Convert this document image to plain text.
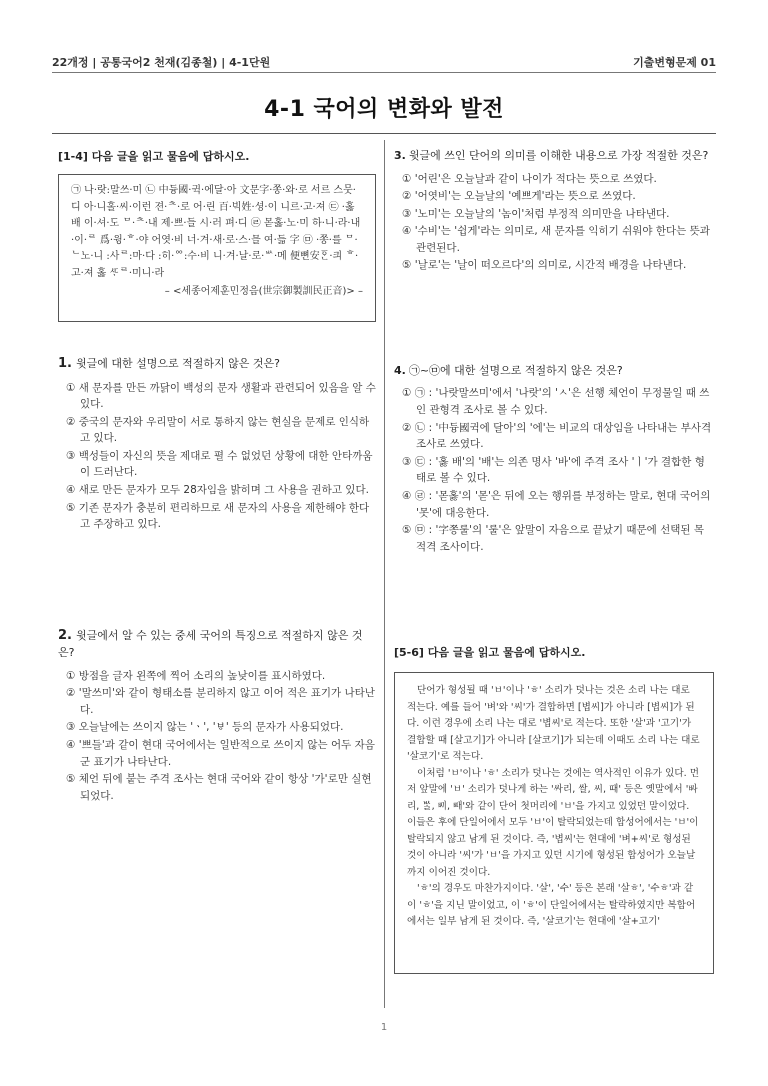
22개정 | 공통국어2 천재(김종철) | 4-1단원	기출변형문제 01
4-1 국어의 변화와 발전
[1-4] 다음 글을 읽고 물음에 답하시오.
㉠ 나·랏:말쓰·미 ㉡ 中듕國·귁·에달·아 文문字·쫑·와·로 서르 스뭇·디 아·니홀·씨·이런 젼·ᄎ·로 어·린 百·빅姓·셩·이 니르·고·져 ㉢ ·홇 배 이·셔·도 ᄆ·ᄎ·내 제·쁘·들 시·러 펴·디 ㉣ 몯홇·노·미 하·니·라·내·이·ᄅ 爲·윙·ᄒ·야 어엿·비 너·겨·새·로·스·믈 여·듧 字 ㉤ ·쫑·를 ᄆ·ᄂ노·니 :사ᄅ:마·다 :히·ᅇ:수·비 니·겨·날·로·ᄡ·메 便뼌安ᅙᆞᆫ·킈 ᄒ·고·져 홇 ᄯᆞᄅ·미니·라
– <세종어제훈민정음(世宗御製訓民正音)> –
1. 윗글에 대한 설명으로 적절하지 않은 것은?
① 새 문자를 만든 까닭이 백성의 문자 생활과 관련되어 있음을 알 수 있다.
② 중국의 문자와 우리말이 서로 통하지 않는 현실을 문제로 인식하고 있다.
③ 백성들이 자신의 뜻을 제대로 펼 수 없었던 상황에 대한 안타까움이 드러난다.
④ 새로 만든 문자가 모두 28자임을 밝히며 그 사용을 권하고 있다.
⑤ 기존 문자가 충분히 편리하므로 새 문자의 사용을 제한해야 한다고 주장하고 있다.
2. 윗글에서 알 수 있는 중세 국어의 특징으로 적절하지 않은 것은?
① 방점을 글자 왼쪽에 찍어 소리의 높낮이를 표시하였다.
② '말쓰미'와 같이 형태소를 분리하지 않고 이어 적은 표기가 나타난다.
③ 오늘날에는 쓰이지 않는 'ㆍ', 'ㅸ' 등의 문자가 사용되었다.
④ '쁘들'과 같이 현대 국어에서는 일반적으로 쓰이지 않는 어두 자음군 표기가 나타난다.
⑤ 체언 뒤에 붙는 주격 조사는 현대 국어와 같이 항상 '가'로만 실현되었다.
3. 윗글에 쓰인 단어의 의미를 이해한 내용으로 가장 적절한 것은?
① '어린'은 오늘날과 같이 나이가 적다는 뜻으로 쓰였다.
② '어엿비'는 오늘날의 '예쁘게'라는 뜻으로 쓰였다.
③ '노미'는 오늘날의 '놈이'처럼 부정적 의미만을 나타낸다.
④ '수비'는 '쉽게'라는 의미로, 새 문자를 익히기 쉬워야 한다는 뜻과 관련된다.
⑤ '날로'는 '날이 떠오르다'의 의미로, 시간적 배경을 나타낸다.
4. ㉠~㉤에 대한 설명으로 적절하지 않은 것은?
① ㉠ : '나랏말쓰미'에서 '나랏'의 'ㅅ'은 선행 체언이 무정물일 때 쓰인 관형격 조사로 볼 수 있다.
② ㉡ : '中듕國귁에 달아'의 '에'는 비교의 대상임을 나타내는 부사격 조사로 쓰였다.
③ ㉢ : '홇 배'의 '배'는 의존 명사 '바'에 주격 조사 'ㅣ'가 결합한 형태로 볼 수 있다.
④ ㉣ : '몯홇'의 '몯'은 뒤에 오는 행위를 부정하는 말로, 현대 국어의 '못'에 대응한다.
⑤ ㉤ : '字쫑룰'의 '룰'은 앞말이 자음으로 끝났기 때문에 선택된 목적격 조사이다.
[5-6] 다음 글을 읽고 물음에 답하시오.

단어가 형성될 때 'ㅂ'이나 'ㅎ' 소리가 덧나는 것은 소리 나는 대로 적는다. 예를 들어 '벼'와 '씨'가 결합하면 [볍씨]가 아니라 [볍씨]가 된다. 이런 경우에 소리 나는 대로 '볍씨'로 적는다. 또한 '살'과 '고기'가 결합할 때 [살고기]가 아니라 [살코기]가 되는데 이때도 소리 나는 대로 '살코기'로 적는다.

이처럼 'ㅂ'이나 'ㅎ' 소리가 덧나는 것에는 역사적인 이유가 있다. 먼저 앞말에 'ㅂ' 소리가 덧나게 하는 '싸리, 쌀, 씨, 때' 등은 옛말에서 'ᄡᅡ리, ᄡᆞᆯ, ᄢᅵ, ᄣᅢ'와 같이 단어 첫머리에 'ㅂ'을 가지고 있었던 말이었다. 이들은 후에 단일어에서 모두 'ㅂ'이 탈락되었는데 합성어에서는 'ㅂ'이 탈락되지 않고 남게 된 것이다. 즉, '볍씨'는 현대에 '벼+씨'로 형성된 것이 아니라 '씨'가 'ㅂ'을 가지고 있던 시기에 형성된 합성어가 오늘날까지 이어진 것이다.

'ㅎ'의 경우도 마찬가지이다. '살', '수' 등은 본래 '살ㅎ', '수ㅎ'과 같이 'ㅎ'을 지닌 말이었고, 이 'ㅎ'이 단일어에서는 탈락하였지만 복합어에서는 일부 남게 된 것이다. 즉, '살코기'는 현대에 '살+고기'

1
